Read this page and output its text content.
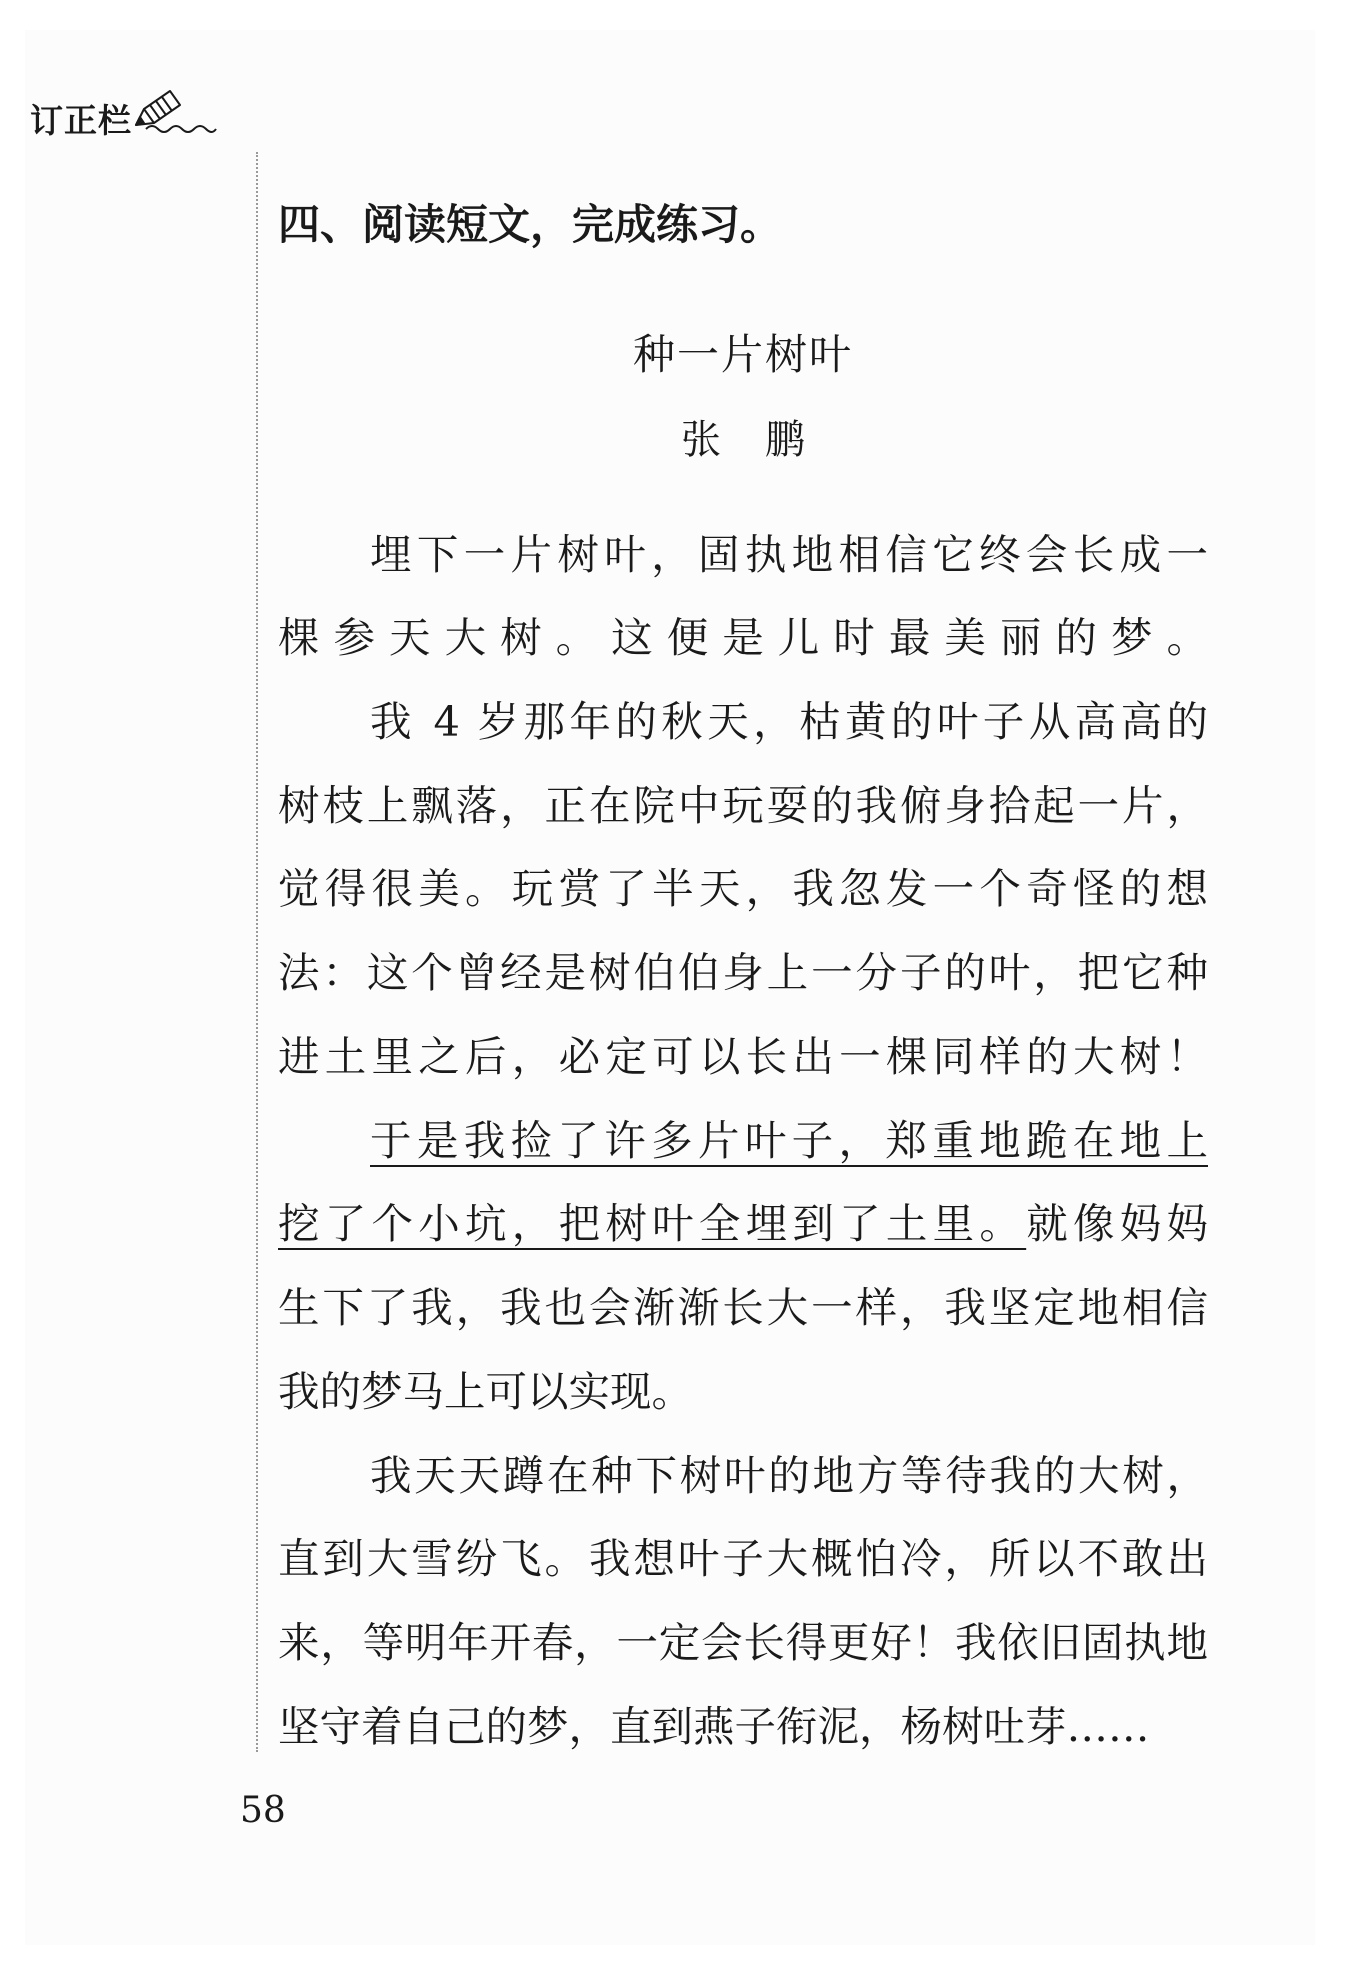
订正栏
四、阅读短文，完成练习。
种一片树叶
张鹏
埋下一片树叶，固执地相信它终会长成一
棵参天大树。这便是儿时最美丽的梦。
我 4 岁那年的秋天，枯黄的叶子从高高的
树枝上飘落，正在院中玩耍的我俯身拾起一片，
觉得很美。玩赏了半天，我忽发一个奇怪的想
法：这个曾经是树伯伯身上一分子的叶，把它种
进土里之后，必定可以长出一棵同样的大树！
于是我捡了许多片叶子，郑重地跪在地上
挖了个小坑，把树叶全埋到了土里。就像妈妈
生下了我，我也会渐渐长大一样，我坚定地相信
我的梦马上可以实现。
我天天蹲在种下树叶的地方等待我的大树，
直到大雪纷飞。我想叶子大概怕冷，所以不敢出
来，等明年开春，一定会长得更好！我依旧固执地
坚守着自己的梦，直到燕子衔泥，杨树吐芽……
58
